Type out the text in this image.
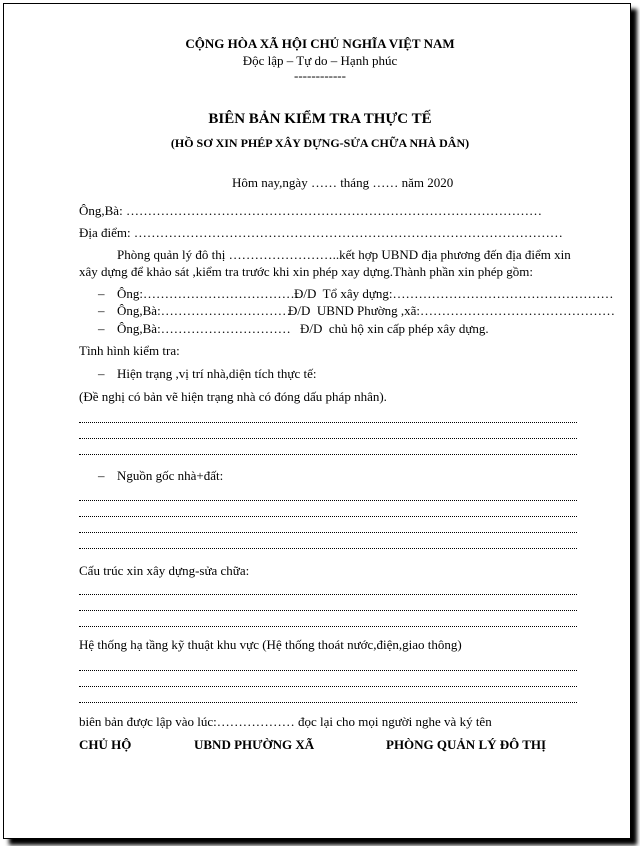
CỘNG HÒA XÃ HỘI CHỦ NGHĨA VIỆT NAM
Độc lập – Tự do – Hạnh phúc
------------
BIÊN BẢN KIỂM TRA THỰC TẾ
(HỒ SƠ XIN PHÉP XÂY DỰNG-SỬA CHỮA NHÀ DÂN)
Hôm nay,ngày …… tháng …… năm 2020
Ông,Bà: ……………………………………………………………………………………
Địa điểm: ………………………………………………………………………………………
Phòng quản lý đô thị ……………………..kết hợp UBND địa phương đến địa điểm xin
xây dựng để khảo sát ,kiểm tra trước khi xin phép xay dựng.Thành phần xin phép gồm:
– Ông:………………………………
Đ/D  Tổ xây dựng:……………………………………………
– Ông,Bà:…………………………
Đ/D  UBND Phường ,xã:………………………………………
– Ông,Bà:………………………… Đ/D  chủ hộ xin cấp phép xây dựng.
Tình hình kiểm tra:
– Hiện trạng ,vị trí nhà,diện tích thực tế:
(Đề nghị có bản vẽ hiện trạng nhà có đóng dấu pháp nhân).
– Nguồn gốc nhà+đất:
Cấu trúc xin xây dựng-sửa chữa:
Hệ thống hạ tầng kỹ thuật khu vực (Hệ thống thoát nước,điện,giao thông)
biên bản được lập vào lúc:……………… đọc lại cho mọi người nghe và ký tên
CHỦ HỘ	UBND PHƯỜNG XÃ	PHÒNG QUẢN LÝ ĐÔ THỊ
